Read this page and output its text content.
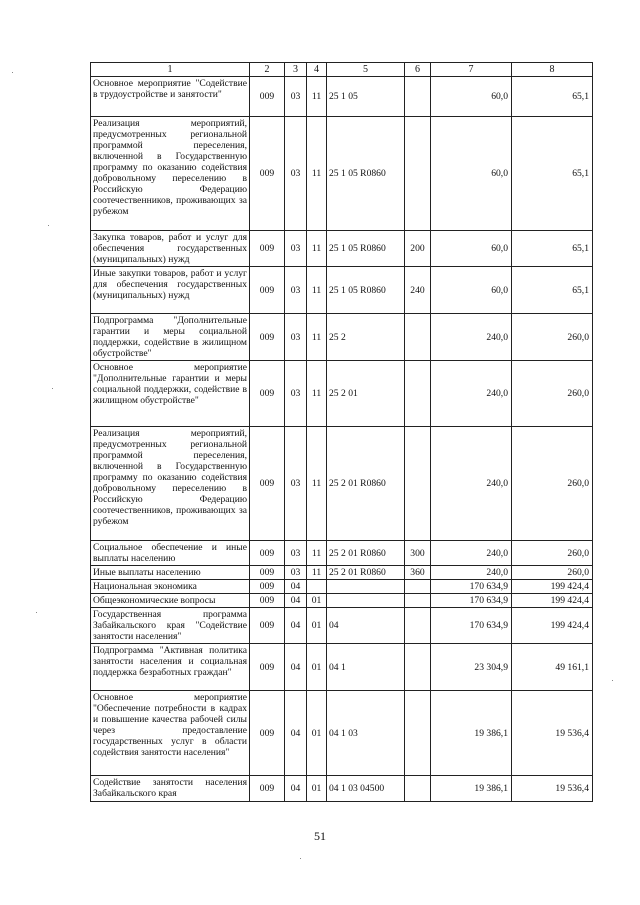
1	2	3	4	5	6	7	8
Основное мероприятие "Содействие в трудоустройстве и занятости"	009	03	11	25 1 05		60,0	65,1
Реализация мероприятий, предусмотренных региональной программой переселения, включенной в Государственную программу по оказанию содействия добровольному переселению в Российскую Федерацию соотечественников, проживающих за рубежом	009	03	11	25 1 05 R0860		60,0	65,1
Закупка товаров, работ и услуг для обеспечения государственных (муниципальных) нужд	009	03	11	25 1 05 R0860	200	60,0	65,1
Иные закупки товаров, работ и услуг для обеспечения государственных (муниципальных) нужд	009	03	11	25 1 05 R0860	240	60,0	65,1
Подпрограмма "Дополнительные гарантии и меры социальной поддержки, содействие в жилищном обустройстве"	009	03	11	25 2		240,0	260,0
Основное мероприятие "Дополнительные гарантии и меры социальной поддержки, содействие в жилищном обустройстве"	009	03	11	25 2 01		240,0	260,0
Реализация мероприятий, предусмотренных региональной программой переселения, включенной в Государственную программу по оказанию содействия добровольному переселению в Российскую Федерацию соотечественников, проживающих за рубежом	009	03	11	25 2 01 R0860		240,0	260,0
Социальное обеспечение и иные выплаты населению	009	03	11	25 2 01 R0860	300	240,0	260,0
Иные выплаты населению	009	03	11	25 2 01 R0860	360	240,0	260,0
Национальная экономика	009	04				170 634,9	199 424,4
Общеэкономические вопросы	009	04	01			170 634,9	199 424,4
Государственная программа Забайкальского края "Содействие занятости населения"	009	04	01	04		170 634,9	199 424,4
Подпрограмма "Активная политика занятости населения и социальная поддержка безработных граждан"	009	04	01	04 1		23 304,9	49 161,1
Основное мероприятие "Обеспечение потребности в кадрах и повышение качества рабочей силы через предоставление государственных услуг в области содействия занятости населения"	009	04	01	04 1 03		19 386,1	19 536,4
Содействие занятости населения Забайкальского края	009	04	01	04 1 03 04500		19 386,1	19 536,4
51
